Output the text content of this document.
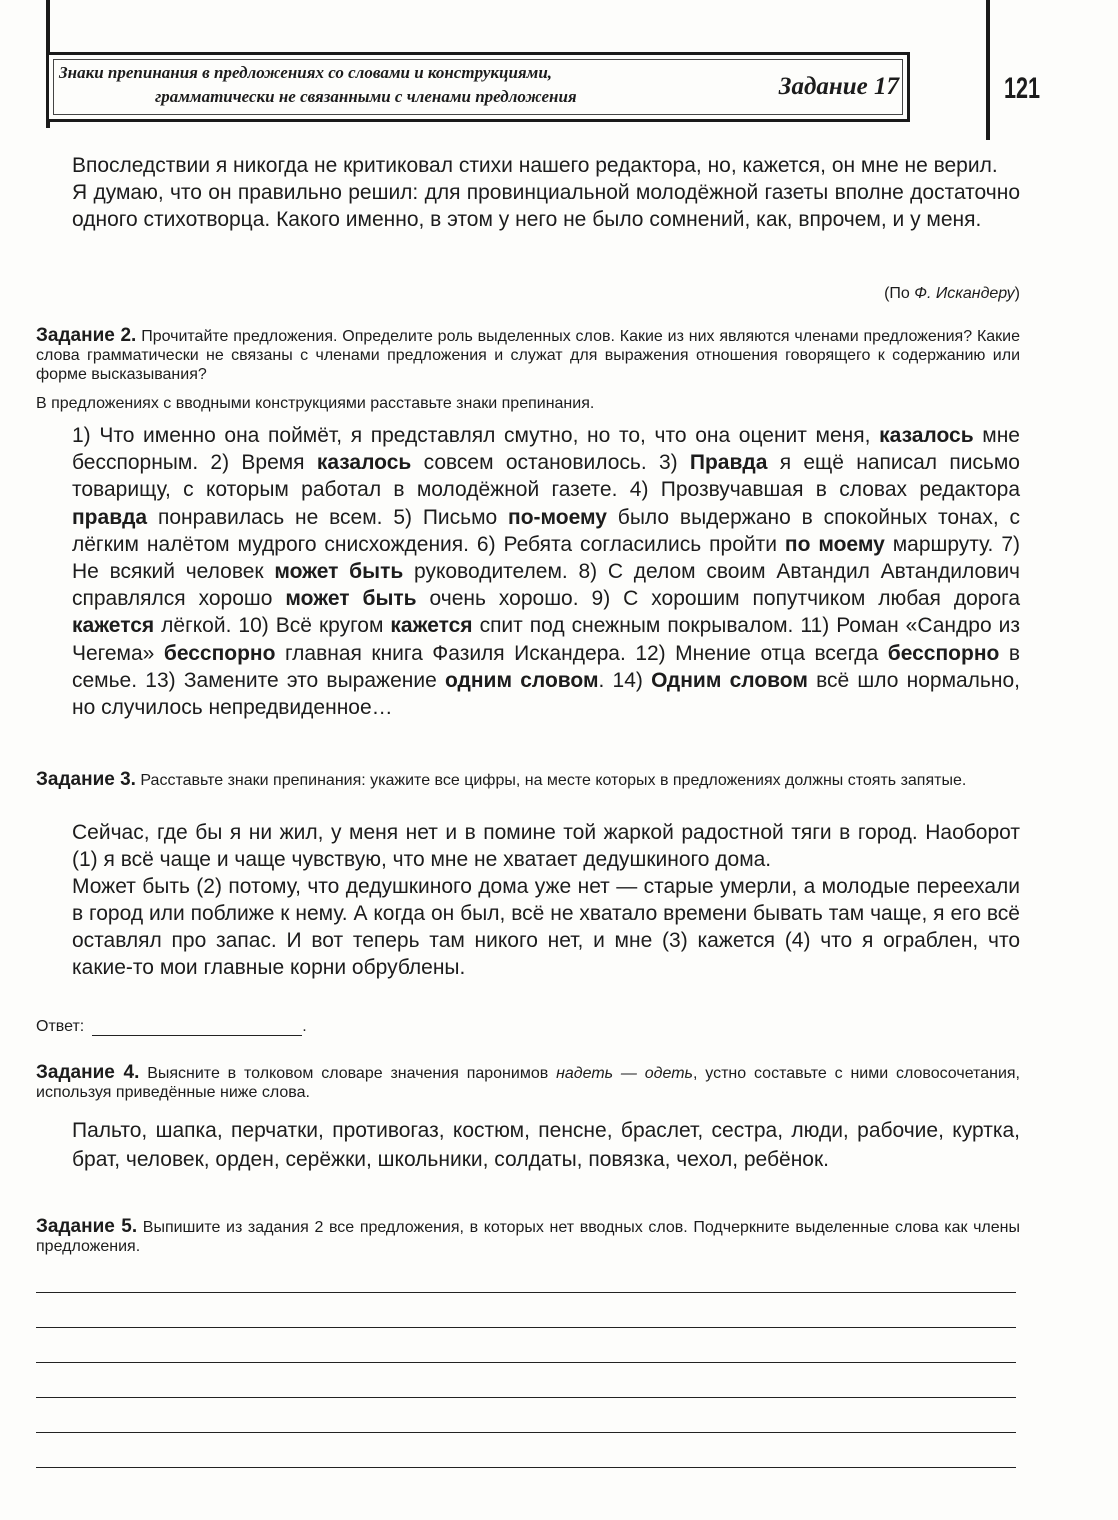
Знаки препинания в предложениях со словами и конструкциями,
грамматически не связанными с членами предложения	Задание 17	121

Впоследствии я никогда не критиковал стихи нашего редактора, но, кажется, он мне не верил.

Я думаю, что он правильно решил: для провинциальной молодёжной газеты вполне достаточно одного стихотворца. Какого именно, в этом у него не было сомнений, как, впрочем, и у меня.

(По Ф. Искандеру)
Задание 2. Прочитайте предложения. Определите роль выделенных слов. Какие из них являются членами предложения? Какие слова грамматически не связаны с членами предложения и служат для выражения отношения говорящего к содержанию или форме высказывания?
В предложениях с вводными конструкциями расставьте знаки препинания.
1) Что именно она поймёт, я представлял смутно, но то, что она оценит меня, казалось мне бесспорным. 2) Время казалось совсем остановилось. 3) Правда я ещё написал письмо товарищу, с которым работал в молодёжной газете. 4) Прозвучавшая в словах редактора правда понравилась не всем. 5) Письмо по-моему было выдержано в спокойных тонах, с лёгким налётом мудрого снисхождения. 6) Ребята согласились пройти по моему маршруту. 7) Не всякий человек может быть руководителем. 8) С делом своим Автандил Автандилович справлялся хорошо может быть очень хорошо. 9) С хорошим попутчиком любая дорога кажется лёгкой. 10) Всё кругом кажется спит под снежным покрывалом. 11) Роман «Сандро из Чегема» бесспорно главная книга Фазиля Искандера. 12) Мнение отца всегда бесспорно в семье. 13) Замените это выражение одним словом. 14) Одним словом всё шло нормально, но случилось непредвиденное…
Задание 3. Расставьте знаки препинания: укажите все цифры, на месте которых в предложениях должны стоять запятые.

Сейчас, где бы я ни жил, у меня нет и в помине той жаркой радостной тяги в город. Наоборот (1) я всё чаще и чаще чувствую, что мне не хватает дедушкиного дома.

Может быть (2) потому, что дедушкиного дома уже нет — старые умерли, а молодые переехали в город или поближе к нему. А когда он был, всё не хватало времени бывать там чаще, я его всё оставлял про запас. И вот теперь там никого нет, и мне (3) кажется (4) что я ограблен, что какие-то мои главные корни обрублены.

Ответ:	.
Задание 4. Выясните в толковом словаре значения паронимов надеть — одеть, устно составьте с ними словосочетания, используя приведённые ниже слова.
Пальто, шапка, перчатки, противогаз, костюм, пенсне, браслет, сестра, люди, рабочие, куртка, брат, человек, орден, серёжки, школьники, солдаты, повязка, чехол, ребёнок.
Задание 5. Выпишите из задания 2 все предложения, в которых нет вводных слов. Подчеркните выделенные слова как члены предложения.
